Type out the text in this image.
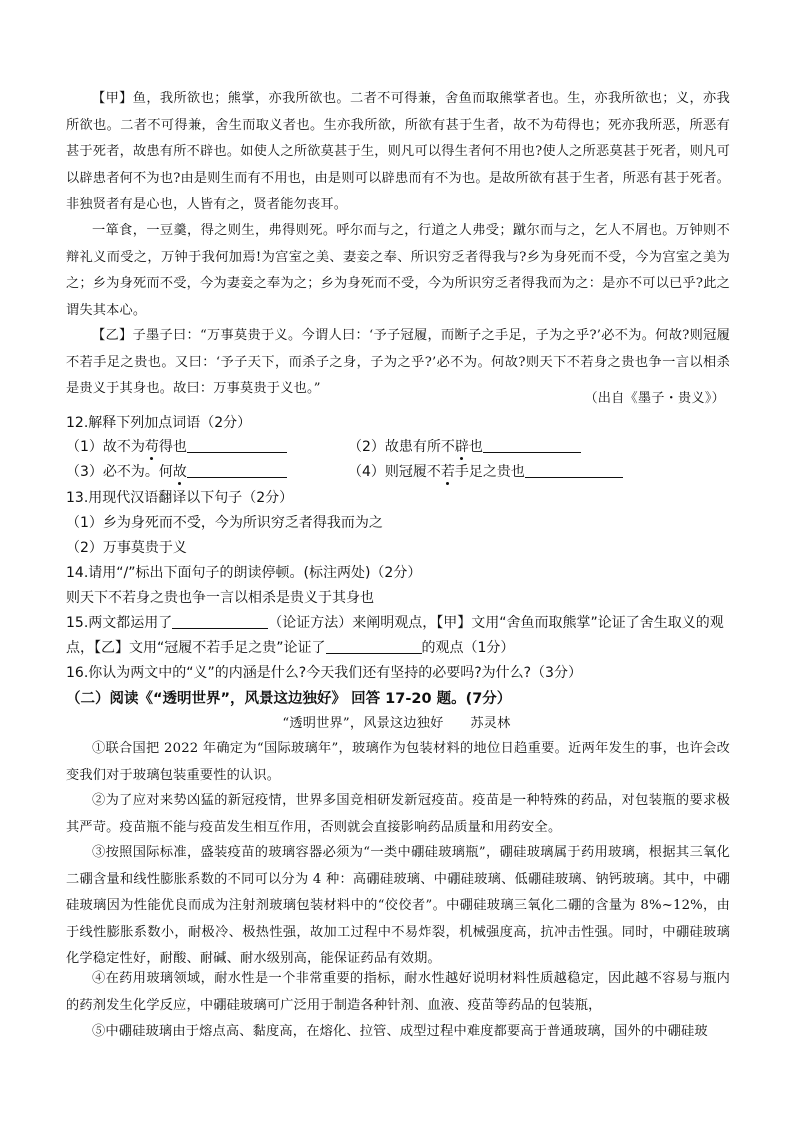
【甲】鱼，我所欲也；熊掌，亦我所欲也。二者不可得兼，舍鱼而取熊掌者也。生，亦我所欲也；义，亦我所欲也。二者不可得兼，舍生而取义者也。生亦我所欲，所欲有甚于生者，故不为苟得也；死亦我所恶，所恶有甚于死者，故患有所不辟也。如使人之所欲莫甚于生，则凡可以得生者何不用也?使人之所恶莫甚于死者，则凡可以辟患者何不为也?由是则生而有不用也，由是则可以辟患而有不为也。是故所欲有甚于生者，所恶有甚于死者。非独贤者有是心也，人皆有之，贤者能勿丧耳。

一箪食，一豆羹，得之则生，弗得则死。呼尔而与之，行道之人弗受；蹴尔而与之，乞人不屑也。万钟则不辩礼义而受之，万钟于我何加焉!为宫室之美、妻妾之奉、所识穷乏者得我与?乡为身死而不受，今为宫室之美为之；乡为身死而不受，今为妻妾之奉为之；乡为身死而不受，今为所识穷乏者得我而为之：是亦不可以已乎?此之谓失其本心。

【乙】子墨子曰：“万事莫贵于义。今谓人曰：‘予子冠履，而断子之手足，子为之乎?’必不为。何故?则冠履不若手足之贵也。又曰：‘予子天下，而杀子之身，子为之乎?’必不为。何故?则天下不若身之贵也争一言以相杀是贵义于其身也。故曰：万事莫贵于义也。”

（出自《墨子・贵义》）
12.解释下列加点词语（2分）
（1）故不为苟得也	（2）故患有所不辟也
（3）必不为。何故	（4）则冠履不若手足之贵也
13.用现代汉语翻译以下句子（2分）
（1）乡为身死而不受，今为所识穷乏者得我而为之
（2）万事莫贵于义
14.请用“/”标出下面句子的朗读停顿。(标注两处)（2分）
则天下不若身之贵也争一言以相杀是贵义于其身也
15.两文都运用了	（论证方法）来阐明观点，【甲】文用“舍鱼而取熊掌”论证了舍生取义的观
点，【乙】文用“冠履不若手足之贵”论证了	的观点（1分）
16.你认为两文中的“义”的内涵是什么?今天我们还有坚持的必要吗?为什么?（3分）
（二）阅读《“透明世界”，风景这边独好》 回答 17-20 题。(7分）
“透明世界”，风景这边独好 苏灵林

①联合国把 2022 年确定为“国际玻璃年”，玻璃作为包装材料的地位日趋重要。近两年发生的事，也许会改变我们对于玻璃包装重要性的认识。

②为了应对来势凶猛的新冠疫情，世界多国竞相研发新冠疫苗。疫苗是一种特殊的药品，对包装瓶的要求极其严苛。疫苗瓶不能与疫苗发生相互作用，否则就会直接影响药品质量和用药安全。

③按照国际标准，盛装疫苗的玻璃容器必须为“一类中硼硅玻璃瓶”，硼硅玻璃属于药用玻璃，根据其三氧化二硼含量和线性膨胀系数的不同可以分为 4 种：高硼硅玻璃、中硼硅玻璃、低硼硅玻璃、钠钙玻璃。其中，中硼硅玻璃因为性能优良而成为注射剂玻璃包装材料中的“佼佼者”。中硼硅玻璃三氧化二硼的含量为 8%~12%，由于线性膨胀系数小，耐极冷、极热性强，故加工过程中不易炸裂，机械强度高，抗冲击性强。同时，中硼硅玻璃化学稳定性好，耐酸、耐碱、耐水级别高，能保证药品有效期。

④在药用玻璃领域，耐水性是一个非常重要的指标，耐水性越好说明材料性质越稳定，因此越不容易与瓶内的药剂发生化学反应，中硼硅玻璃可广泛用于制造各种针剂、血液、疫苗等药品的包装瓶，

⑤中硼硅玻璃由于熔点高、黏度高，在熔化、拉管、成型过程中难度都要高于普通玻璃，国外的中硼硅玻
